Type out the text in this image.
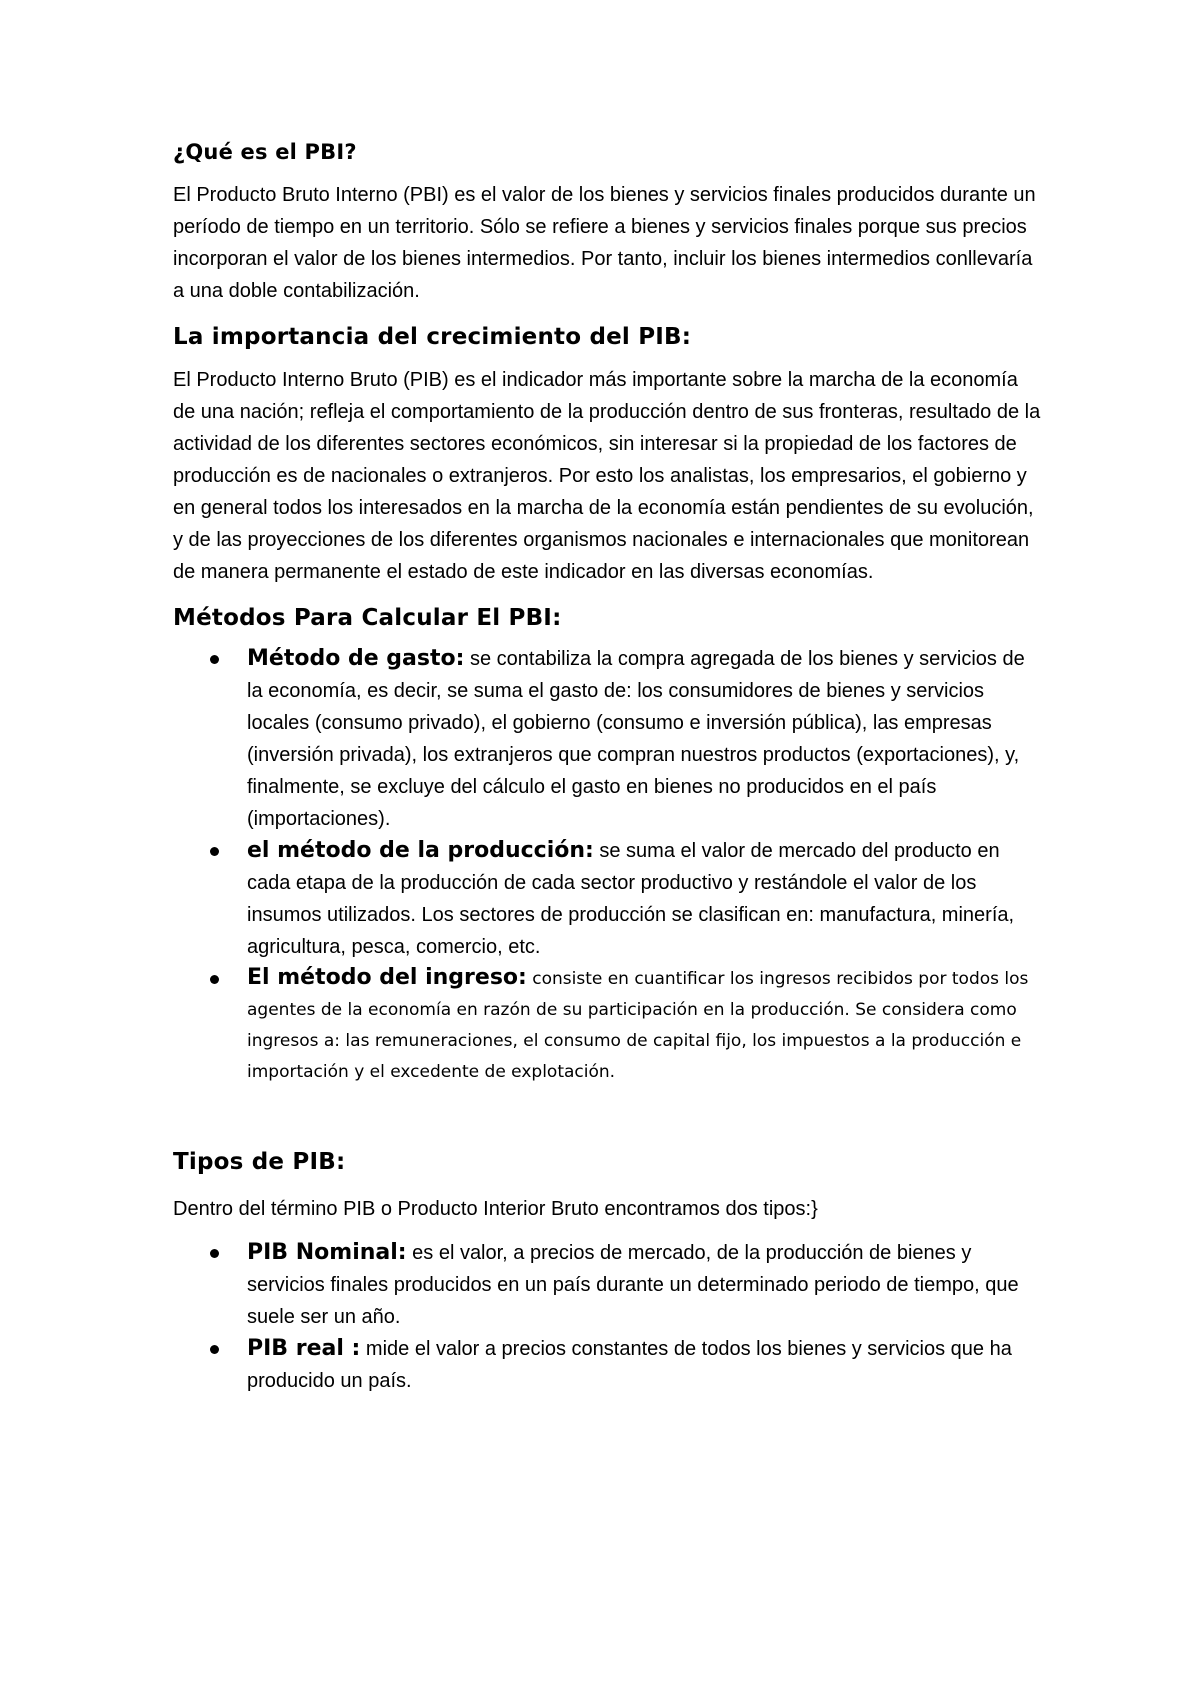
¿Qué es el PBI?

El Producto Bruto Interno (PBI) es el valor de los bienes y servicios finales producidos durante un período de tiempo en un territorio. Sólo se refiere a bienes y servicios finales porque sus precios incorporan el valor de los bienes intermedios. Por tanto, incluir los bienes intermedios conllevaría a una doble contabilización.

La importancia del crecimiento del PIB:

El Producto Interno Bruto (PIB) es el indicador más importante sobre la marcha de la economía de una nación; refleja el comportamiento de la producción dentro de sus fronteras, resultado de la actividad de los diferentes sectores económicos, sin interesar si la propiedad de los factores de producción es de nacionales o extranjeros. Por esto los analistas, los empresarios, el gobierno y en general todos los interesados en la marcha de la economía están pendientes de su evolución, y de las proyecciones de los diferentes organismos nacionales e internacionales que monitorean de manera permanente el estado de este indicador en las diversas economías.

Métodos Para Calcular El PBI:
Método de gasto: se contabiliza la compra agregada de los bienes y servicios de la economía, es decir, se suma el gasto de: los consumidores de bienes y servicios locales (consumo privado), el gobierno (consumo e inversión pública), las empresas (inversión privada), los extranjeros que compran nuestros productos (exportaciones), y, finalmente, se excluye del cálculo el gasto en bienes no producidos en el país (importaciones).
el método de la producción: se suma el valor de mercado del producto en cada etapa de la producción de cada sector productivo y restándole el valor de los insumos utilizados. Los sectores de producción se clasifican en: manufactura, minería, agricultura, pesca, comercio, etc.
El método del ingreso: consiste en cuantificar los ingresos recibidos por todos los agentes de la economía en razón de su participación en la producción. Se considera como ingresos a: las remuneraciones, el consumo de capital fijo, los impuestos a la producción e importación y el excedente de explotación.
Tipos de PIB:

Dentro del término PIB o Producto Interior Bruto encontramos dos tipos:}

PIB Nominal: es el valor, a precios de mercado, de la producción de bienes y servicios finales producidos en un país durante un determinado periodo de tiempo, que suele ser un año.
PIB real : mide el valor a precios constantes de todos los bienes y servicios que ha producido un país.
